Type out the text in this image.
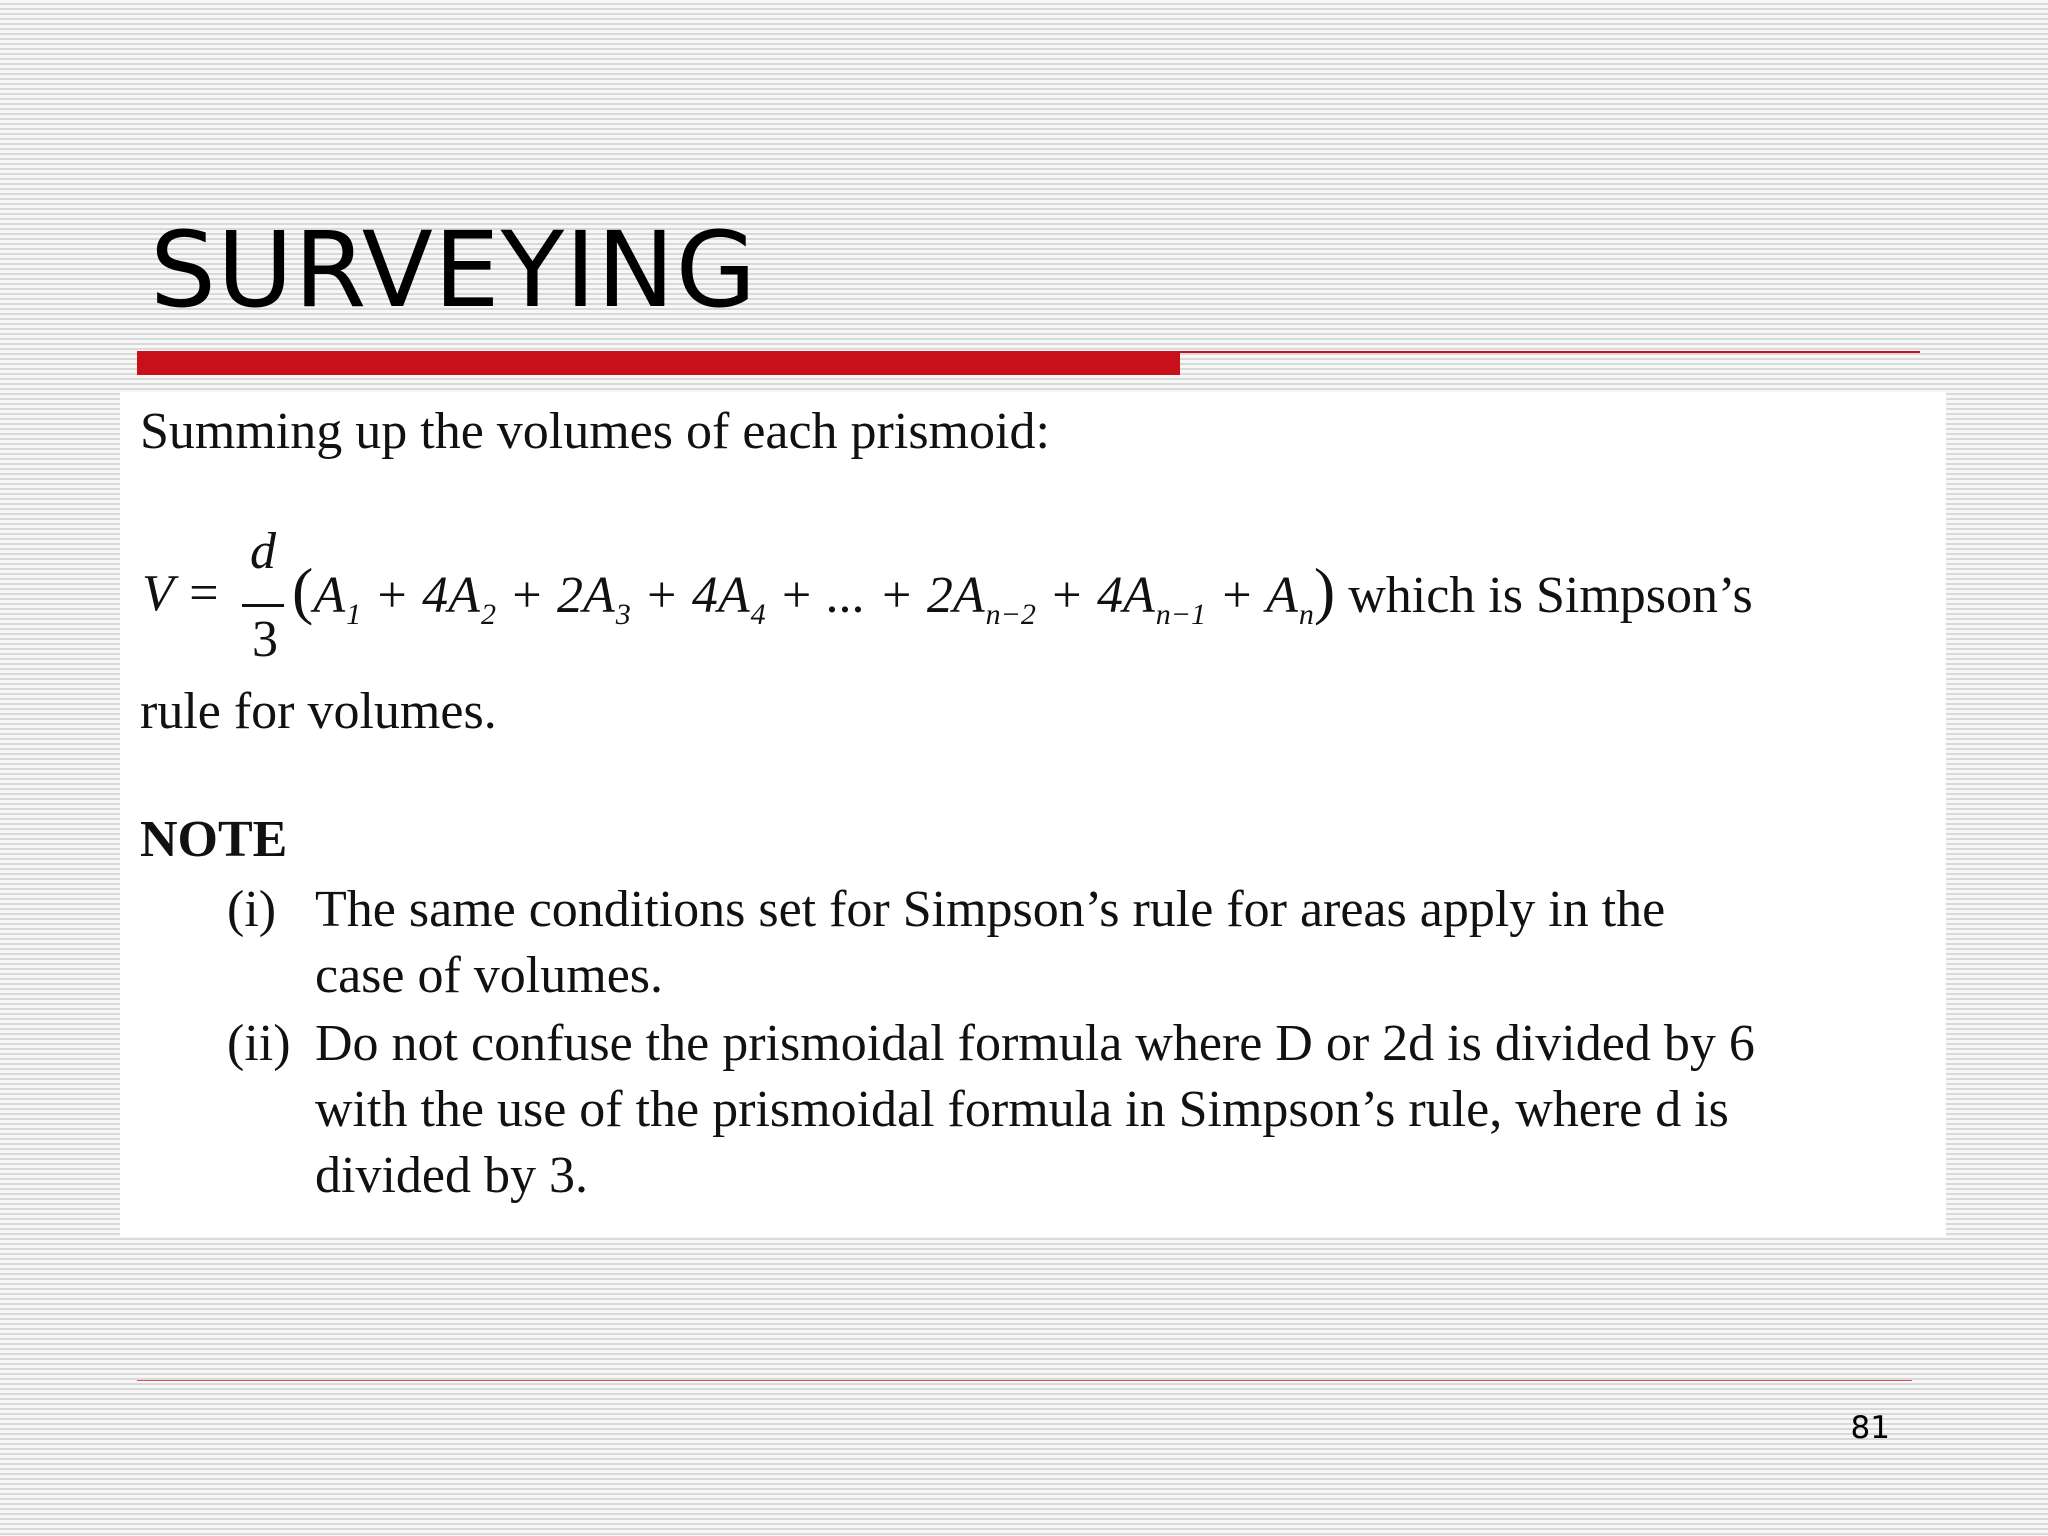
SURVEYING
Summing up the volumes of each prismoid:
V =
d
3
($A_1 + 4A_2 + 2A_3 + 4A_4$ + ... + $2A_{n-2} + 4A_{n-1} + A_n$) which is Simpson’s
rule for volumes.
NOTE
(i) The same conditions set for Simpson’s rule for areas apply in the
case of volumes.
(ii) Do not confuse the prismoidal formula where D or 2d is divided by 6
with the use of the prismoidal formula in Simpson’s rule, where d is
divided by 3.
81
